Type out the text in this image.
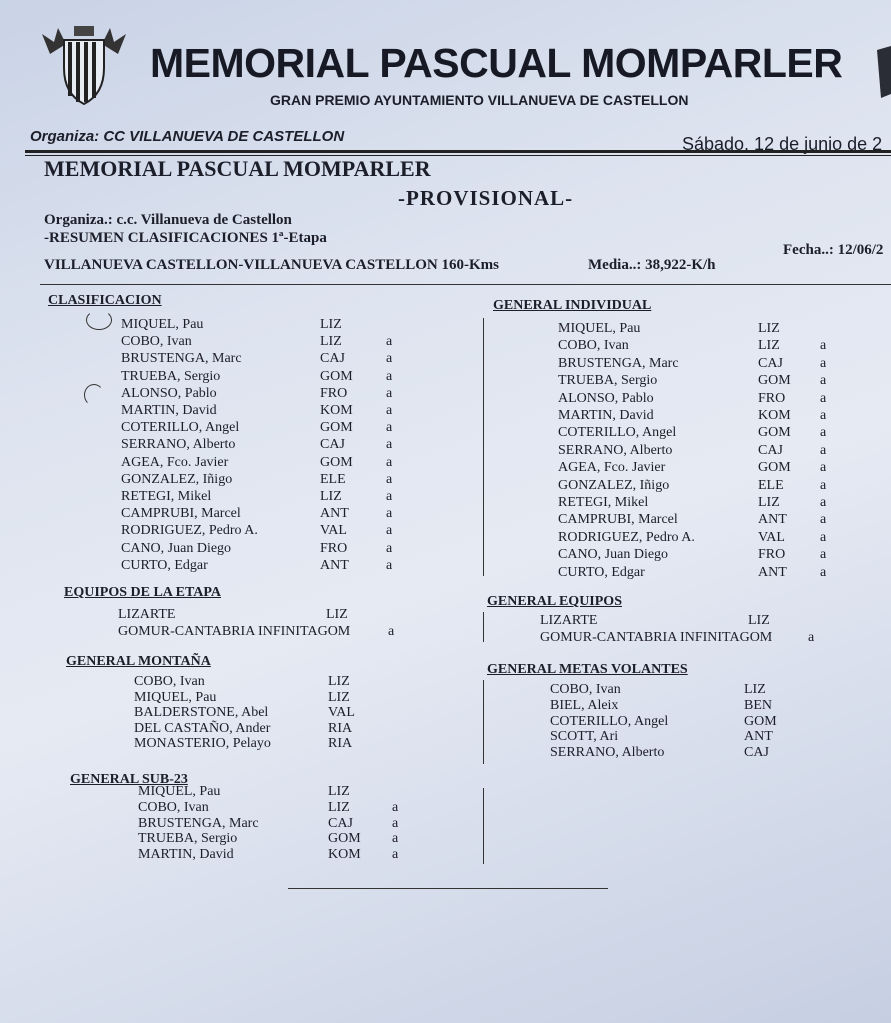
MEMORIAL PASCUAL MOMPARLER
GRAN PREMIO AYUNTAMIENTO VILLANUEVA DE CASTELLON
Organiza: CC VILLANUEVA DE CASTELLON	Sábado, 12 de junio de 2
MEMORIAL PASCUAL MOMPARLER
-PROVISIONAL-
Organiza.: c.c. Villanueva de Castellon
-RESUMEN CLASIFICACIONES 1ª-Etapa
VILLANUEVA CASTELLON-VILLANUEVA CASTELLON 160-Kms	Media..: 38,922-K/h
Fecha..: 12/06/2
CLASIFICACION	GENERAL INDIVIDUAL
EQUIPOS DE LA ETAPA
GENERAL EQUIPOS
GENERAL MONTAÑA
GENERAL METAS VOLANTES
GENERAL SUB-23
MIQUEL, Pau	LIZ
COBO, Ivan	LIZ	a
BRUSTENGA, Marc	CAJ	a
TRUEBA, Sergio	GOM a
ALONSO, Pablo	FRO	a
MARTIN, David	KOM a
COTERILLO, Angel	GOM a
SERRANO, Alberto	CAJ	a
AGEA, Fco. Javier	GOM a
GONZALEZ, Iñigo	ELE	a
RETEGI, Mikel	LIZ	a
CAMPRUBI, Marcel	ANT	a
RODRIGUEZ, Pedro A.	VAL	a
CANO, Juan Diego	FRO	a
CURTO, Edgar	ANT	a
MIQUEL, Pau	LIZ
COBO, Ivan	LIZ	a
BRUSTENGA, Marc	CAJ	a
TRUEBA, Sergio	GOM a
ALONSO, Pablo	FRO a
MARTIN, David	KOM a
COTERILLO, Angel	GOM a
SERRANO, Alberto	CAJ	a
AGEA, Fco. Javier	GOM a
GONZALEZ, Iñigo	ELE	a
RETEGI, Mikel	LIZ	a
CAMPRUBI, Marcel	ANT a
RODRIGUEZ, Pedro A.	VAL	a
CANO, Juan Diego	FRO a
CURTO, Edgar	ANT a
LIZARTE	LIZ
GOMUR-CANTABRIA INFINITAGOM	a
LIZARTE	LIZ
GOMUR-CANTABRIA INFINITAGOM	a
COBO, Ivan	LIZ
MIQUEL, Pau	LIZ
BALDERSTONE, Abel	VAL
DEL CASTAÑO, Ander	RIA
MONASTERIO, Pelayo	RIA
COBO, Ivan	LIZ
BIEL, Aleix	BEN
COTERILLO, Angel	GOM
SCOTT, Ari	ANT
SERRANO, Alberto	CAJ
MIQUEL, Pau	LIZ
COBO, Ivan	LIZ	a
BRUSTENGA, Marc	CAJ	a
TRUEBA, Sergio	GOM a
MARTIN, David	KOM a
